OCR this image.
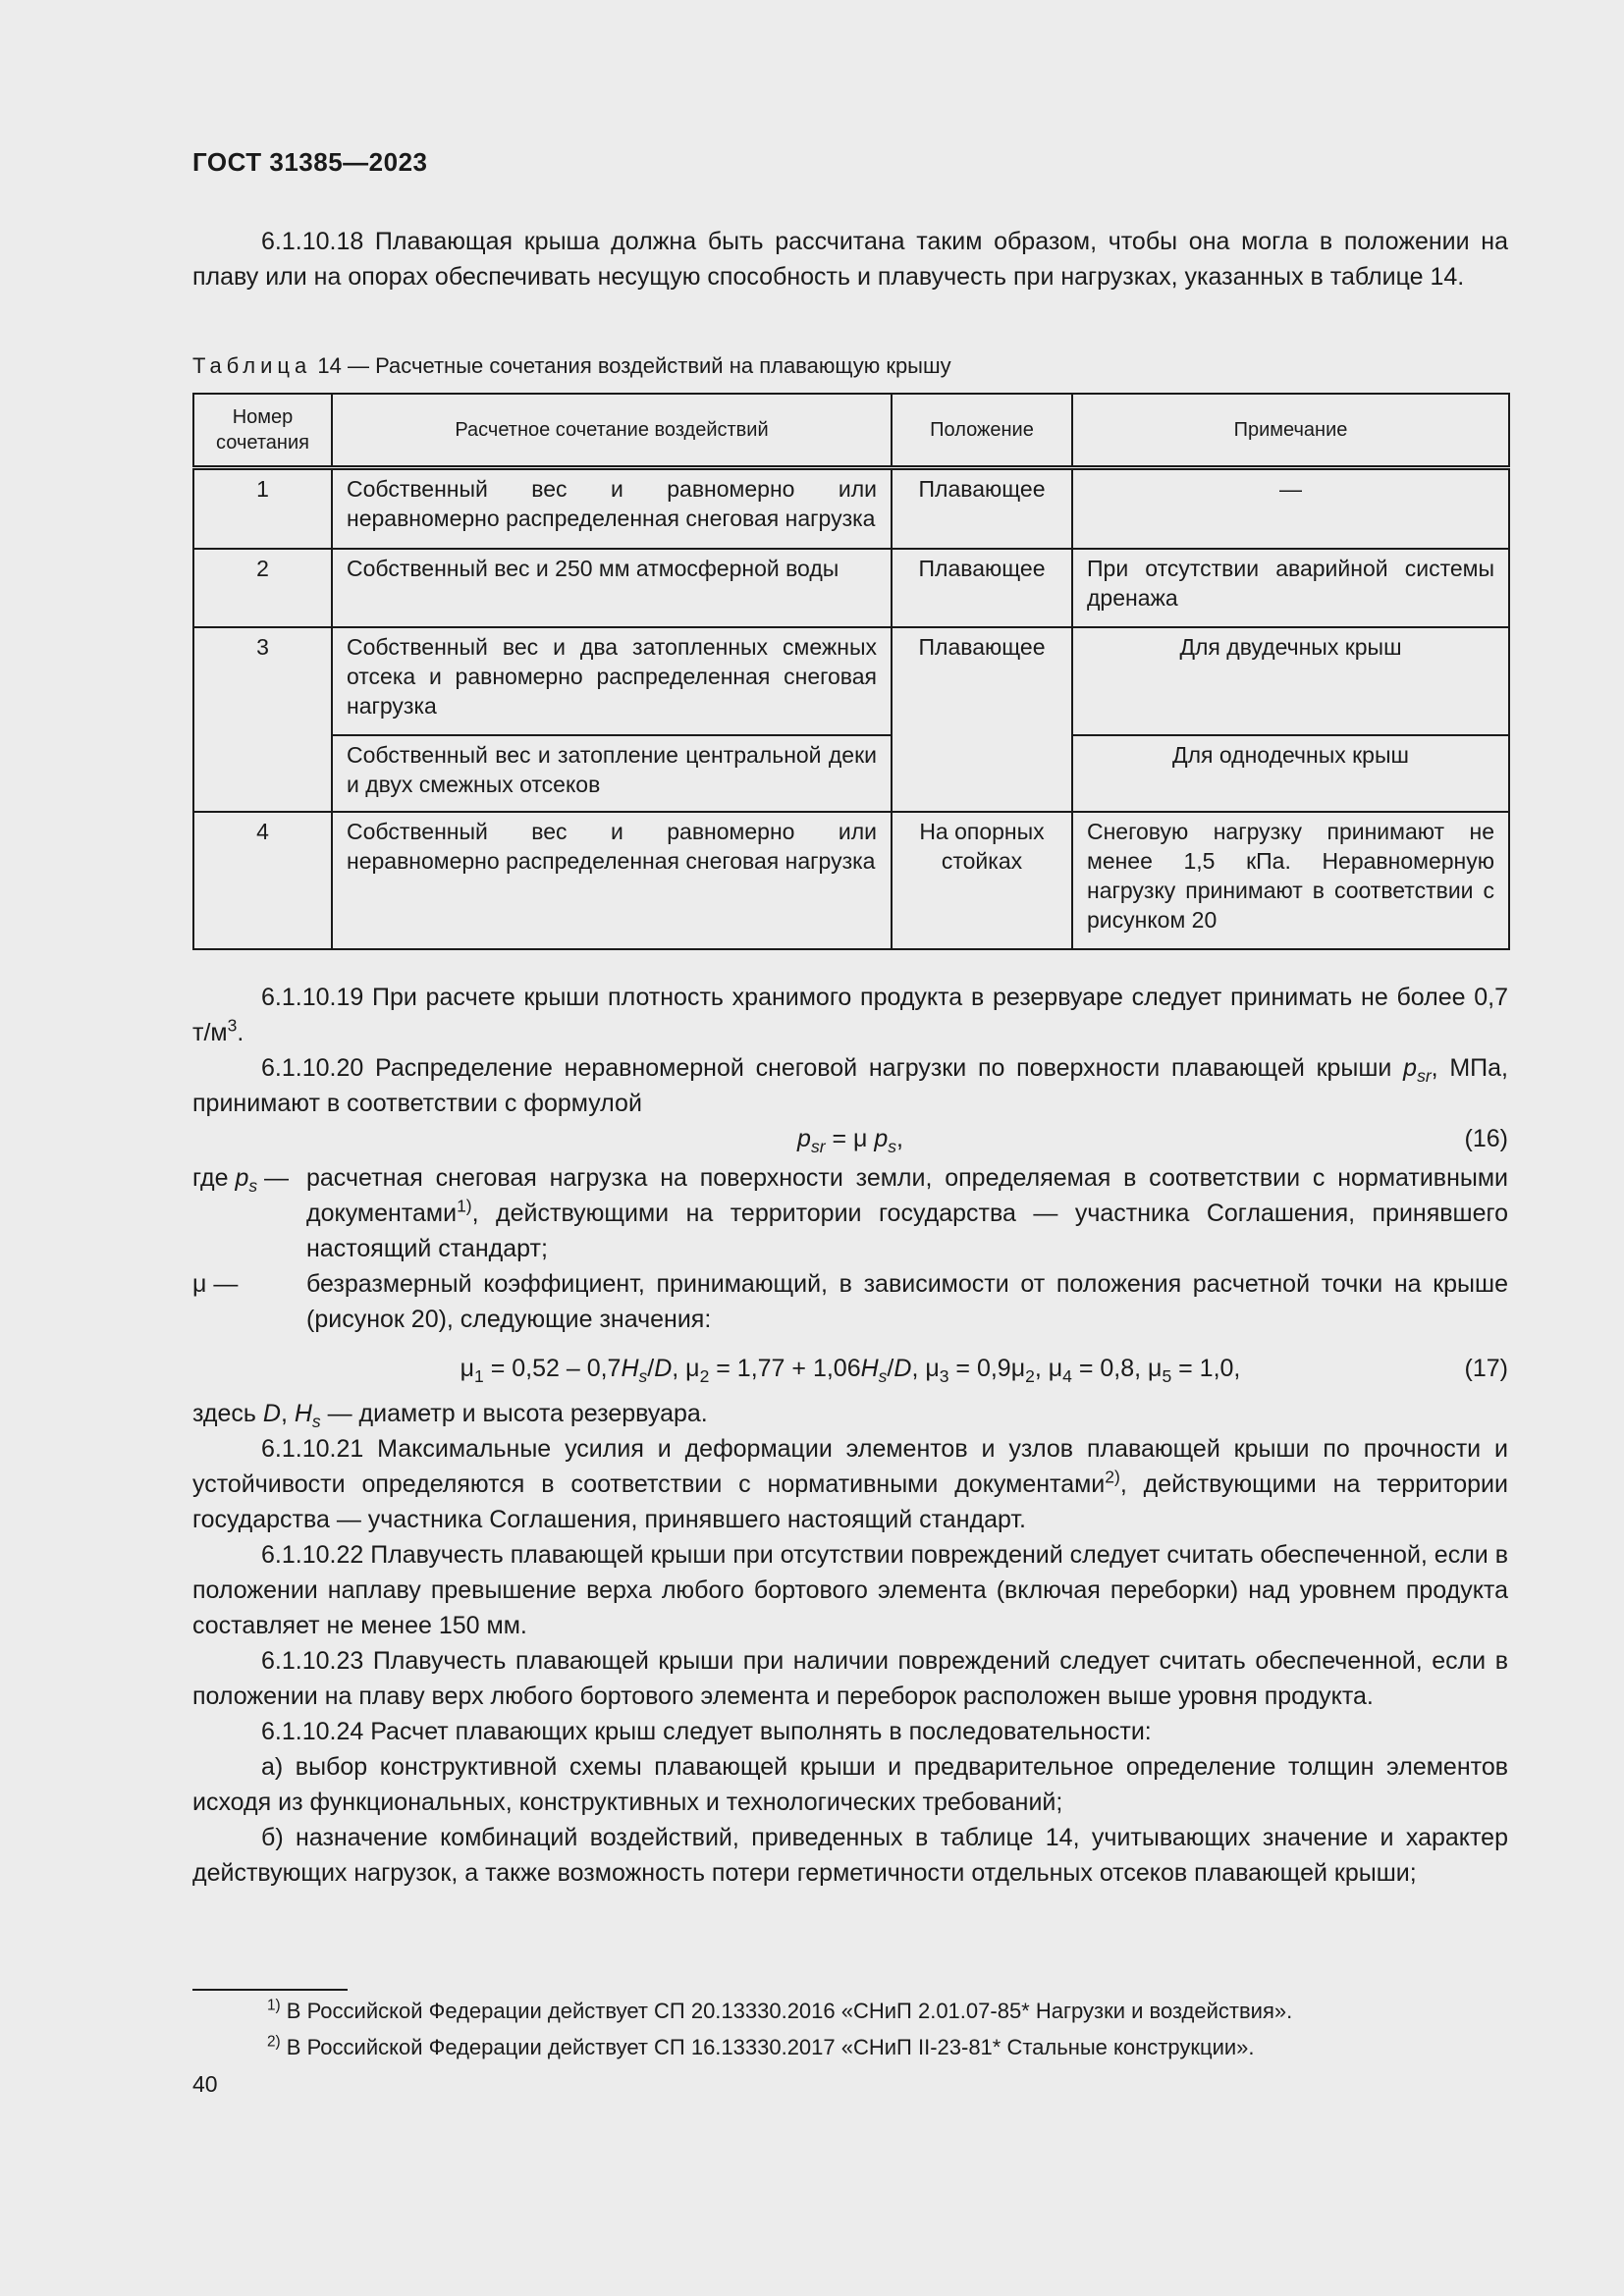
ГОСТ 31385—2023

6.1.10.18 Плавающая крыша должна быть рассчитана таким образом, чтобы она могла в положении на плаву или на опорах обеспечивать несущую способность и плавучесть при нагрузках, указанных в таблице 14.

Таблица 14 — Расчетные сочетания воздействий на плавающую крышу
Номер сочетания	Расчетное сочетание воздействий	Положение	Примечание
1	Собственный вес и равномерно или неравномерно распределенная снеговая нагрузка	Плавающее	—
2	Собственный вес и 250 мм атмосферной воды	Плавающее	При отсутствии аварийной системы дренажа
3	Собственный вес и два затопленных смежных отсека и равномерно распределенная снеговая нагрузка	Плавающее	Для двудечных крыш
	Собственный вес и затопление центральной деки и двух смежных отсеков		Для однодечных крыш
4	Собственный вес и равномерно или неравномерно распределенная снеговая нагрузка	На опорных стойках	Снеговую нагрузку принимают не менее 1,5 кПа. Неравномерную нагрузку принимают в соответствии с рисунком 20

6.1.10.19 При расчете крыши плотность хранимого продукта в резервуаре следует принимать не более 0,7 $т/м^3$.

6.1.10.20 Распределение неравномерной снеговой нагрузки по поверхности плавающей крыши $p_{sr}$, МПа, принимают в соответствии с формулой

$p_{sr} = \mu$ $p_s$,	(16)
где $p_s$ — расчетная снеговая нагрузка на поверхности земли, определяемая в соответствии с нормативными документами$^{1)}$, действующими на территории государства — участника Соглашения, принявшего настоящий стандарт;
μ —	безразмерный коэффициент, принимающий, в зависимости от положения расчетной точки на крыше (рисунок 20), следующие значения:
$\mu_1 = 0,52 - 0,7H_s/D$, $\mu_2 = 1,77 + 1,06H_s/D$, $\mu_3 = 0,9\mu_2$, $\mu_4 = 0,8$, $\mu_5 = 1,0$,	(17)

здесь D, $H_s$ — диаметр и высота резервуара.

6.1.10.21 Максимальные усилия и деформации элементов и узлов плавающей крыши по прочности и устойчивости определяются в соответствии с нормативными документами$^{2)}$, действующими на территории государства — участника Соглашения, принявшего настоящий стандарт.

6.1.10.22 Плавучесть плавающей крыши при отсутствии повреждений следует считать обеспеченной, если в положении наплаву превышение верха любого бортового элемента (включая переборки) над уровнем продукта составляет не менее 150 мм.

6.1.10.23 Плавучесть плавающей крыши при наличии повреждений следует считать обеспеченной, если в положении на плаву верх любого бортового элемента и переборок расположен выше уровня продукта.

6.1.10.24 Расчет плавающих крыш следует выполнять в последовательности:

а) выбор конструктивной схемы плавающей крыши и предварительное определение толщин элементов исходя из функциональных, конструктивных и технологических требований;

б) назначение комбинаций воздействий, приведенных в таблице 14, учитывающих значение и характер действующих нагрузок, а также возможность потери герметичности отдельных отсеков плавающей крыши;

$^{1)}$ В Российской Федерации действует СП 20.13330.2016 «СНиП 2.01.07-85* Нагрузки и воздействия».
$^{2)}$ В Российской Федерации действует СП 16.13330.2017 «СНиП II-23-81* Стальные конструкции».
40
